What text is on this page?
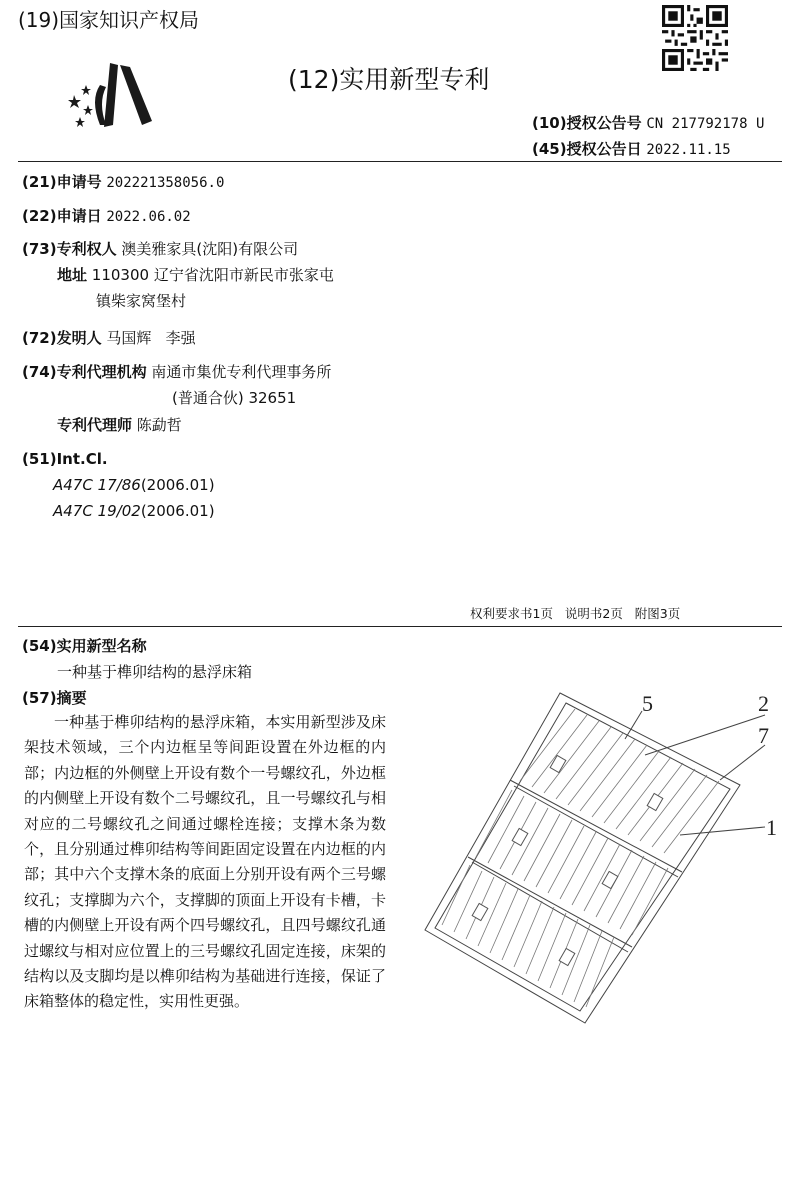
(19)国家知识产权局
(12)实用新型专利
(10)授权公告号 CN 217792178 U
(45)授权公告日 2022.11.15
(21)申请号 202221358056.0
(22)申请日 2022.06.02
(73)专利权人 澳美雅家具(沈阳)有限公司
地址 110300 辽宁省沈阳市新民市张家屯
镇柴家窝堡村
(72)发明人 马国辉   李强
(74)专利代理机构 南通市集优专利代理事务所
(普通合伙) 32651
专利代理师 陈勐哲
(51)Int.Cl.
A47C 17/86(2006.01)
A47C 19/02(2006.01)
权利要求书1页   说明书2页   附图3页
(54)实用新型名称
一种基于榫卯结构的悬浮床箱
(57)摘要

一种基于榫卯结构的悬浮床箱，本实用新型涉及床架技术领域，三个内边框呈等间距设置在外边框的内部；内边框的外侧壁上开设有数个一号螺纹孔，外边框的内侧壁上开设有数个二号螺纹孔，且一号螺纹孔与相对应的二号螺纹孔之间通过螺栓连接；支撑木条为数个，且分别通过榫卯结构等间距固定设置在内边框的内部；其中六个支撑木条的底面上分别开设有两个三号螺纹孔；支撑脚为六个，支撑脚的顶面上开设有卡槽，卡槽的内侧壁上开设有两个四号螺纹孔，且四号螺纹孔通过螺纹与相对应位置上的三号螺纹孔固定连接，床架的结构以及支脚均是以榫卯结构为基础进行连接，保证了床箱整体的稳定性，实用性更强。

5	2
7
1
